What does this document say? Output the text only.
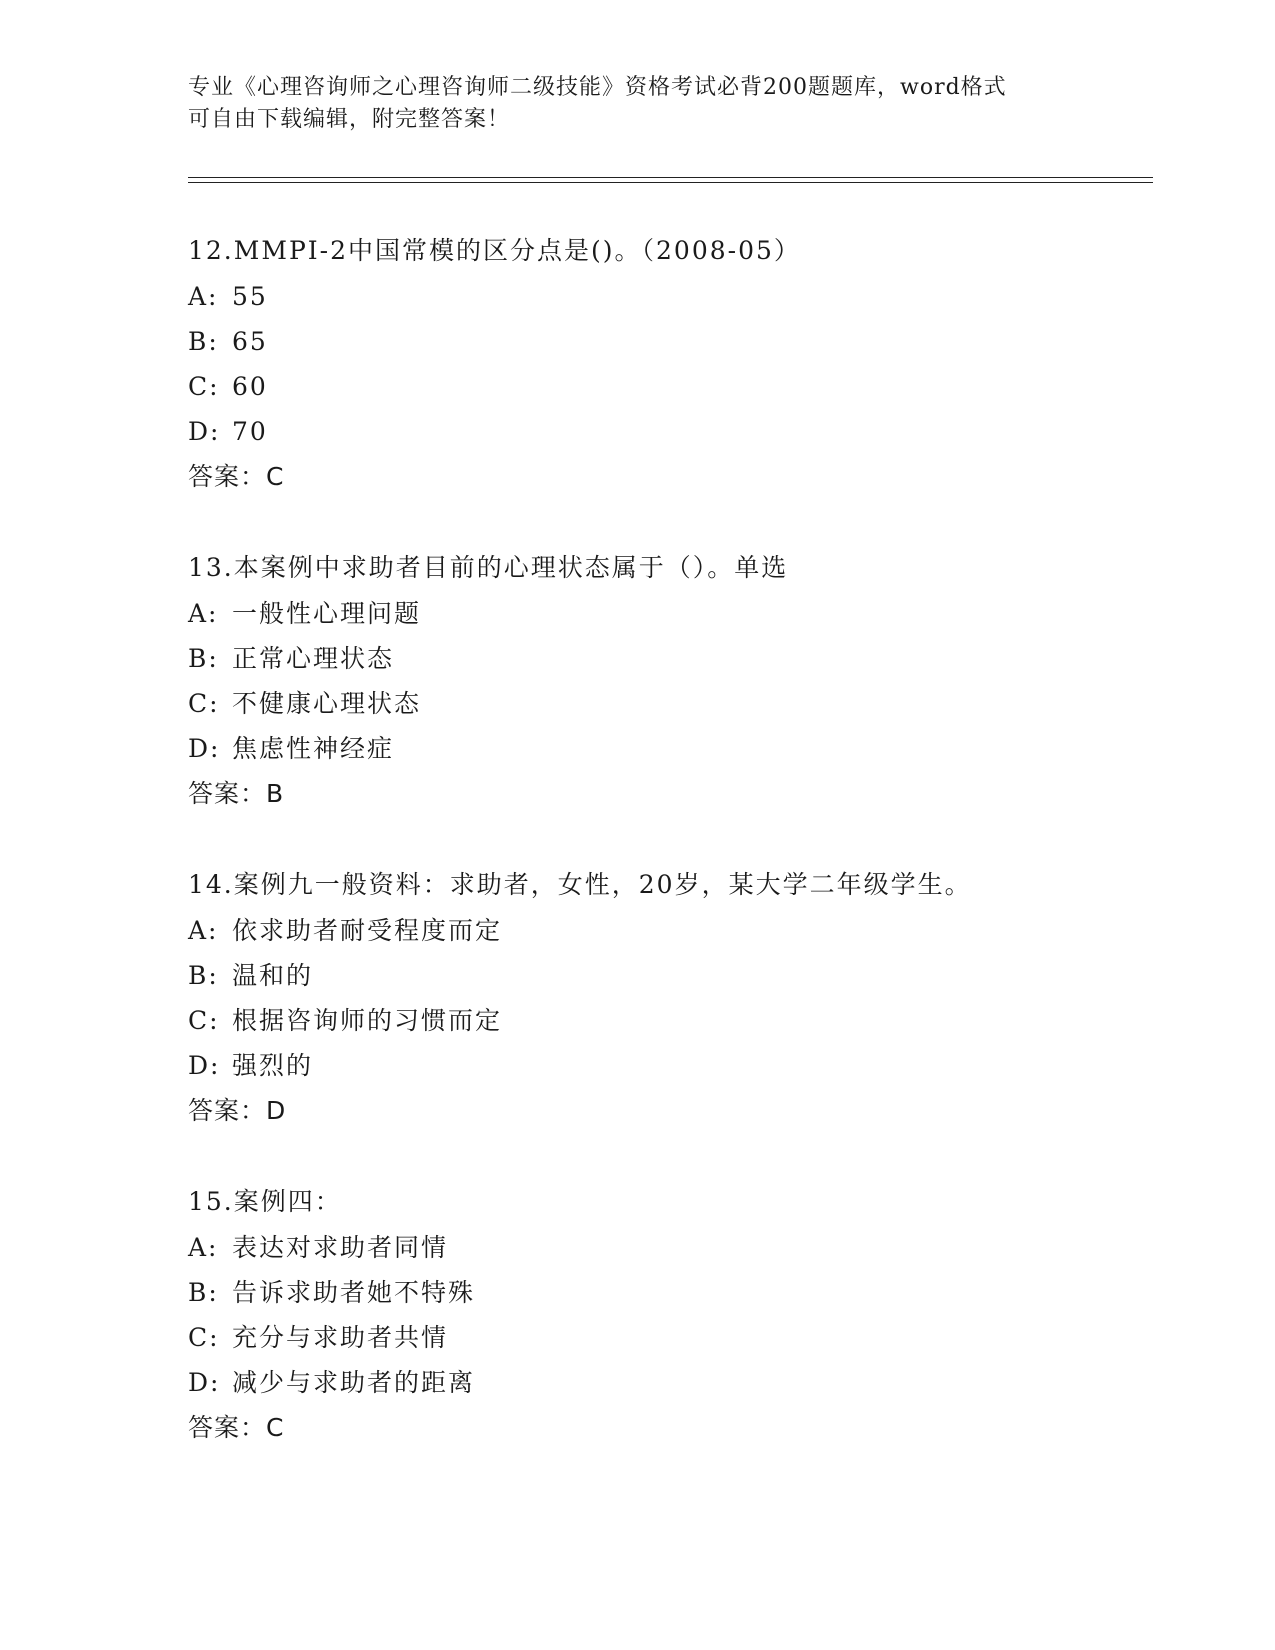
专业《心理咨询师之心理咨询师二级技能》资格考试必背200题题库，word格式
可自由下载编辑，附完整答案！
12.MMPI-2中国常模的区分点是()。（2008-05）
A: 55
B: 65
C: 60
D: 70
答案：C
13.本案例中求助者目前的心理状态属于（）。单选
A: 一般性心理问题
B: 正常心理状态
C: 不健康心理状态
D: 焦虑性神经症
答案：B
14.案例九一般资料：求助者，女性，20岁，某大学二年级学生。
A: 依求助者耐受程度而定
B: 温和的
C: 根据咨询师的习惯而定
D: 强烈的
答案：D
15.案例四：
A: 表达对求助者同情
B: 告诉求助者她不特殊
C: 充分与求助者共情
D: 减少与求助者的距离
答案：C
